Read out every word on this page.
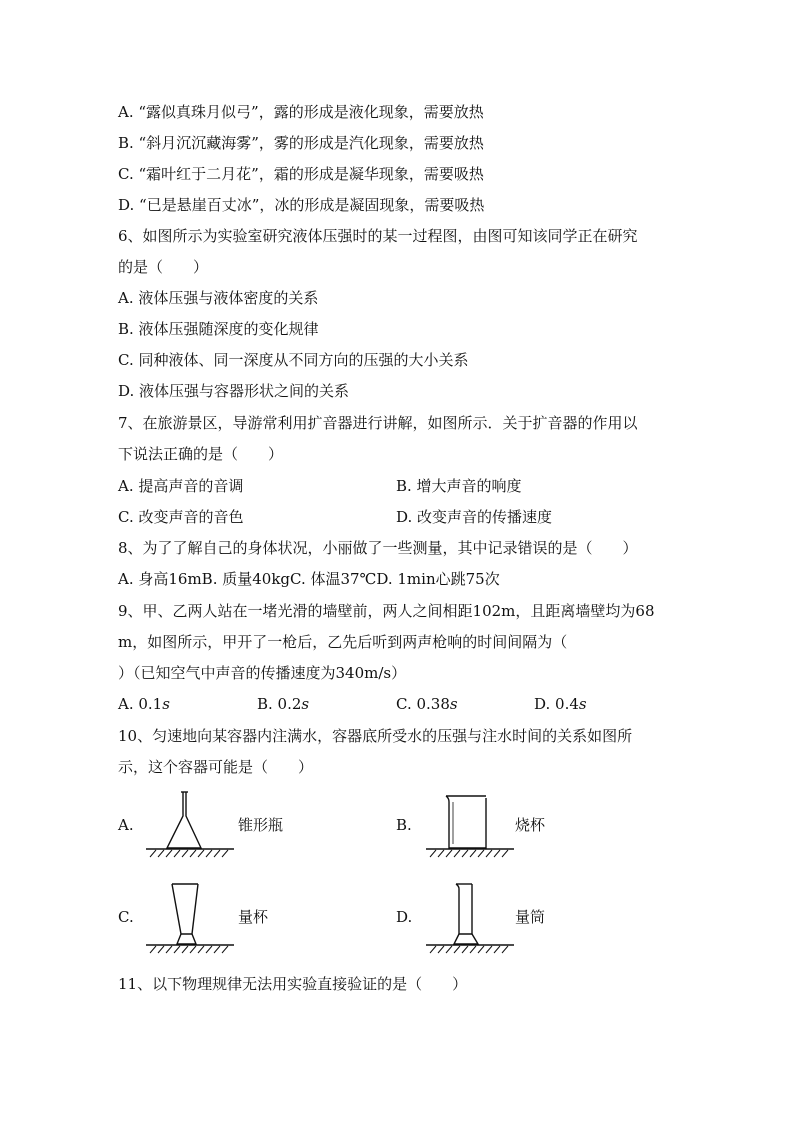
A. “露似真珠月似弓”，露的形成是液化现象，需要放热
B. “斜月沉沉藏海雾”，雾的形成是汽化现象，需要放热
C. “霜叶红于二月花”，霜的形成是凝华现象，需要吸热
D. “已是悬崖百丈冰”，冰的形成是凝固现象，需要吸热
6、如图所示为实验室研究液体压强时的某一过程图，由图可知该同学正在研究
的是（　　）
A. 液体压强与液体密度的关系
B. 液体压强随深度的变化规律
C. 同种液体、同一深度从不同方向的压强的大小关系
D. 液体压强与容器形状之间的关系
7、在旅游景区，导游常利用扩音器进行讲解，如图所示．关于扩音器的作用以
下说法正确的是（　　）
A. 提高声音的音调	B. 增大声音的响度
C. 改变声音的音色	D. 改变声音的传播速度
8、为了了解自己的身体状况，小丽做了一些测量，其中记录错误的是（　　）
A. 身高16mB. 质量40kgC. 体温37℃D. 1min心跳75次
9、甲、乙两人站在一堵光滑的墙壁前，两人之间相距102m，且距离墙壁均为68
m，如图所示，甲开了一枪后，乙先后听到两声枪响的时间间隔为（
）（已知空气中声音的传播速度为340m/s）
A. 0.1s	B. 0.2s	C. 0.38s	D. 0.4s
10、匀速地向某容器内注满水，容器底所受水的压强与注水时间的关系如图所
示，这个容器可能是（　　）
A.	锥形瓶	B.	烧杯
C.	量杯	D.	量筒
11、以下物理规律无法用实验直接验证的是（　　）
